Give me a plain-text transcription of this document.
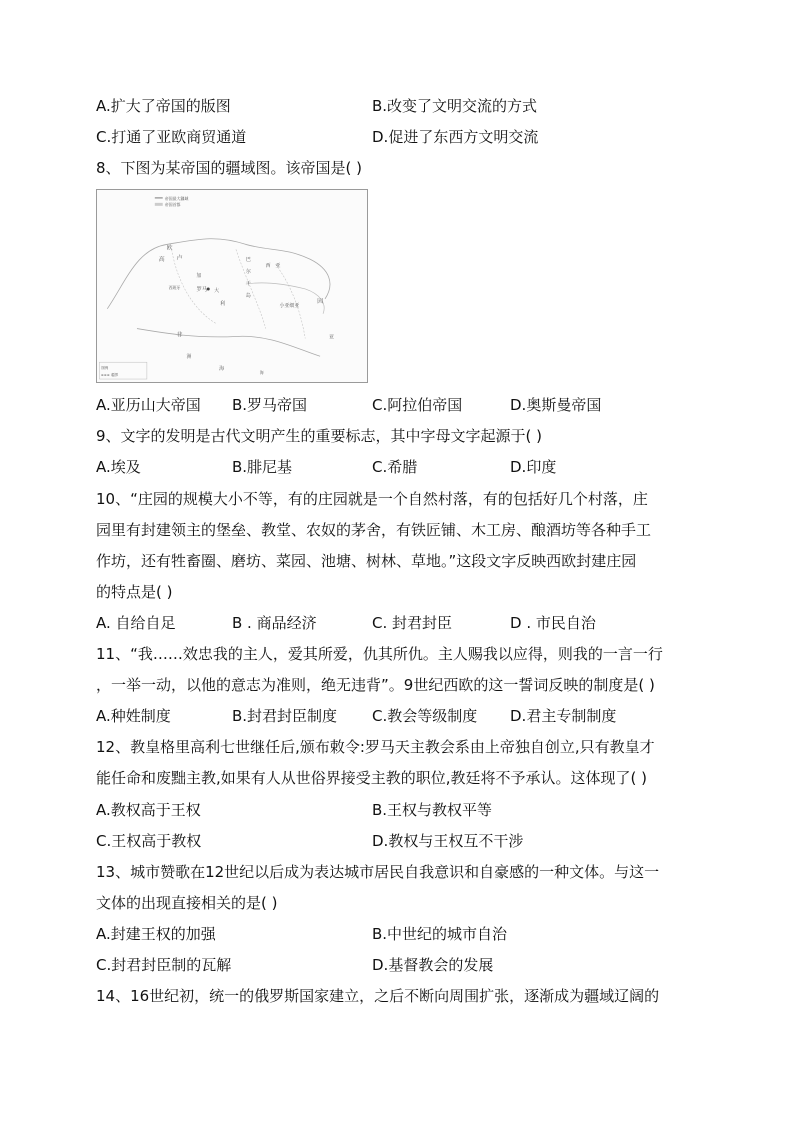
A.扩大了帝国的版图	B.改变了文明交流的方式
C.打通了亚欧商贸通道	D.促进了东西方文明交流
8、下图为某帝国的疆域图。该帝国是( )
帝国最大疆域
帝国首都
欧
高 卢
加
巴
尔
干
岛
罗马
西班牙
大
利
西 亚
小亚细亚
因
非
洲
海
亚
海
图例
疆界
A.亚历山大帝国 B.罗马帝国	C.阿拉伯帝国	D.奥斯曼帝国
9、文字的发明是古代文明产生的重要标志，其中字母文字起源于( )
A.埃及	B.腓尼基	C.希腊	D.印度
10、“庄园的规模大小不等，有的庄园就是一个自然村落，有的包括好几个村落，庄
园里有封建领主的堡垒、教堂、农奴的茅舍，有铁匠铺、木工房、酿酒坊等各种手工
作坊，还有牲畜圈、磨坊、菜园、池塘、树林、草地。”这段文字反映西欧封建庄园
的特点是( )
A. 自给自足	B . 商品经济	C. 封君封臣	D . 市民自治
11、“我……效忠我的主人，爱其所爱，仇其所仇。主人赐我以应得，则我的一言一行
，一举一动，以他的意志为准则，绝无违背”。9世纪西欧的这一誓词反映的制度是( )
A.种姓制度	B.封君封臣制度 C.教会等级制度 D.君主专制制度
12、教皇格里高利七世继任后,颁布敕令:罗马天主教会系由上帝独自创立,只有教皇才
能任命和废黜主教,如果有人从世俗界接受主教的职位,教廷将不予承认。这体现了( )
A.教权高于王权	B.王权与教权平等
C.王权高于教权	D.教权与王权互不干涉
13、城市赞歌在12世纪以后成为表达城市居民自我意识和自豪感的一种文体。与这一
文体的出现直接相关的是( )
A.封建王权的加强	B.中世纪的城市自治
C.封君封臣制的瓦解	D.基督教会的发展
14、16世纪初，统一的俄罗斯国家建立，之后不断向周围扩张，逐渐成为疆域辽阔的
